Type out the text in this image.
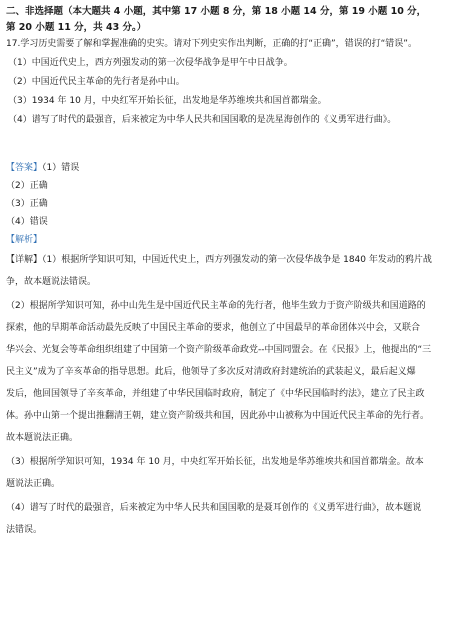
二、非选择题（本大题共 4 小题，其中第 17 小题 8 分，第 18 小题 14 分，第 19 小题 10 分，
第 20 小题 11 分，共 43 分。）
17.学习历史需要了解和掌握准确的史实。请对下列史实作出判断，正确的打“正确”，错误的打“错误”。
（1）中国近代史上，西方列强发动的第一次侵华战争是甲午中日战争。
（2）中国近代民主革命的先行者是孙中山。
（3）1934 年 10 月，中央红军开始长征，出发地是华苏维埃共和国首都瑞金。
（4）谱写了时代的最强音，后来被定为中华人民共和国国歌的是冼星海创作的《义勇军进行曲》。
【答案】（1）错误
（2）正确
（3）正确
（4）错误
【解析】
【详解】（1）根据所学知识可知，中国近代史上，西方列强发动的第一次侵华战争是 1840 年发动的鸦片战
争，故本题说法错误。
（2）根据所学知识可知，孙中山先生是中国近代民主革命的先行者，他毕生致力于资产阶级共和国道路的
探索，他的早期革命活动最先反映了中国民主革命的要求，他创立了中国最早的革命团体兴中会，又联合
华兴会、光复会等革命组织组建了中国第一个资产阶级革命政党--中国同盟会。在《民报》上，他提出的“三
民主义”成为了辛亥革命的指导思想。此后，他领导了多次反对清政府封建统治的武装起义，最后起义爆
发后，他回国领导了辛亥革命，并组建了中华民国临时政府，制定了《中华民国临时约法》，建立了民主政
体。孙中山第一个提出推翻清王朝，建立资产阶级共和国，因此孙中山被称为中国近代民主革命的先行者。
故本题说法正确。
（3）根据所学知识可知，1934 年 10 月，中央红军开始长征，出发地是华苏维埃共和国首都瑞金。故本
题说法正确。
（4）谱写了时代的最强音，后来被定为中华人民共和国国歌的是聂耳创作的《义勇军进行曲》，故本题说
法错误。
